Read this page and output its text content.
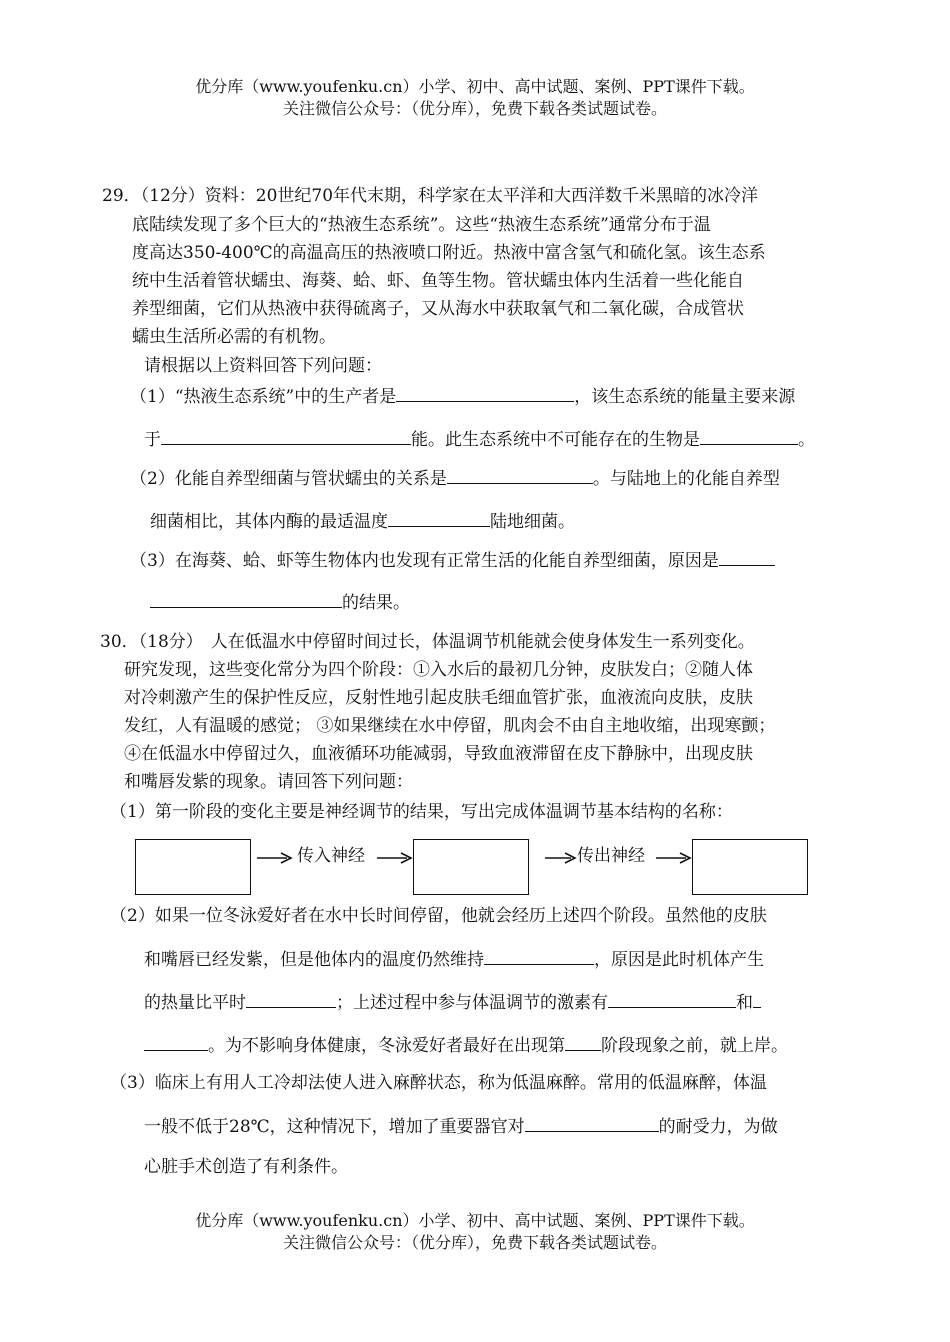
优分库（www.youfenku.cn）小学、初中、高中试题、案例、PPT课件下载。
关注微信公众号：（优分库），免费下载各类试题试卷。
29．（12分）资料：20世纪70年代末期，科学家在太平洋和大西洋数千米黑暗的冰冷洋
底陆续发现了多个巨大的“热液生态系统”。这些“热液生态系统”通常分布于温
度高达350-400℃的高温高压的热液喷口附近。热液中富含氢气和硫化氢。该生态系
统中生活着管状蠕虫、海葵、蛤、虾、鱼等生物。管状蠕虫体内生活着一些化能自
养型细菌，它们从热液中获得硫离子，又从海水中获取氧气和二氧化碳，合成管状
蠕虫生活所必需的有机物。
请根据以上资料回答下列问题：
（1）“热液生态系统”中的生产者是	，该生态系统的能量主要来源
于	能。此生态系统中不可能存在的生物是	。
（2）化能自养型细菌与管状蠕虫的关系是	。与陆地上的化能自养型
细菌相比，其体内酶的最适温度	陆地细菌。
（3）在海葵、蛤、虾等生物体内也发现有正常生活的化能自养型细菌，原因是
的结果。
30．（18分） 人在低温水中停留时间过长，体温调节机能就会使身体发生一系列变化。
研究发现，这些变化常分为四个阶段：①入水后的最初几分钟，皮肤发白；②随人体
对冷刺激产生的保护性反应，反射性地引起皮肤毛细血管扩张，血液流向皮肤，皮肤
发红，人有温暖的感觉； ③如果继续在水中停留，肌肉会不由自主地收缩，出现寒颤；
④在低温水中停留过久，血液循环功能减弱，导致血液滞留在皮下静脉中，出现皮肤
和嘴唇发紫的现象。请回答下列问题：
（1）第一阶段的变化主要是神经调节的结果，写出完成体温调节基本结构的名称：
传入神经	传出神经
（2）如果一位冬泳爱好者在水中长时间停留，他就会经历上述四个阶段。虽然他的皮肤
和嘴唇已经发紫，但是他体内的温度仍然维持	，原因是此时机体产生
的热量比平时	；上述过程中参与体温调节的激素有	和
。为不影响身体健康，冬泳爱好者最好在出现第 阶段现象之前，就上岸。
（3）临床上有用人工冷却法使人进入麻醉状态，称为低温麻醉。常用的低温麻醉，体温
一般不低于28℃，这种情况下，增加了重要器官对	的耐受力，为做
心脏手术创造了有利条件。
优分库（www.youfenku.cn）小学、初中、高中试题、案例、PPT课件下载。
关注微信公众号：（优分库），免费下载各类试题试卷。
